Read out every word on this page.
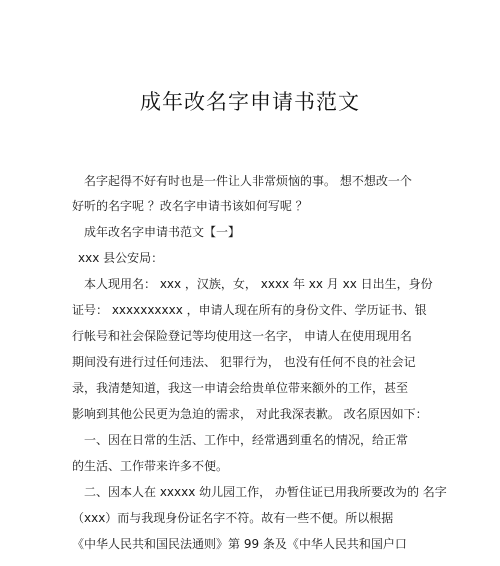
成年改名字申请书范文
名字起得不好有时也是一件让人非常烦恼的事。 想不想改一个
好听的名字呢 ？改名字申请书该如何写呢 ？
成年改名字申请书范文【一】
xxx 县公安局：
本人现用名： xxx ，汉族，女， xxxx 年 xx 月 xx 日出生，身份
证号： xxxxxxxxxx ，申请人现在所有的身份文件、学历证书、银
行帐号和社会保险登记等均使用这一名字， 申请人在使用现用名
期间没有进行过任何违法、 犯罪行为， 也没有任何不良的社会记
录，我清楚知道，我这一申请会给贵单位带来额外的工作，甚至
影响到其他公民更为急迫的需求， 对此我深表歉。 改名原因如下：
一、因在日常的生活、工作中，经常遇到重名的情况，给正常
的生活、工作带来许多不便。
二、因本人在 xxxxx 幼儿园工作， 办暂住证已用我所要改为的 名字
（xxx）而与我现身份证名字不符。故有一些不便。所以根据
《中华人民共和国民法通则》第 99 条及《中华人民共和国户口
